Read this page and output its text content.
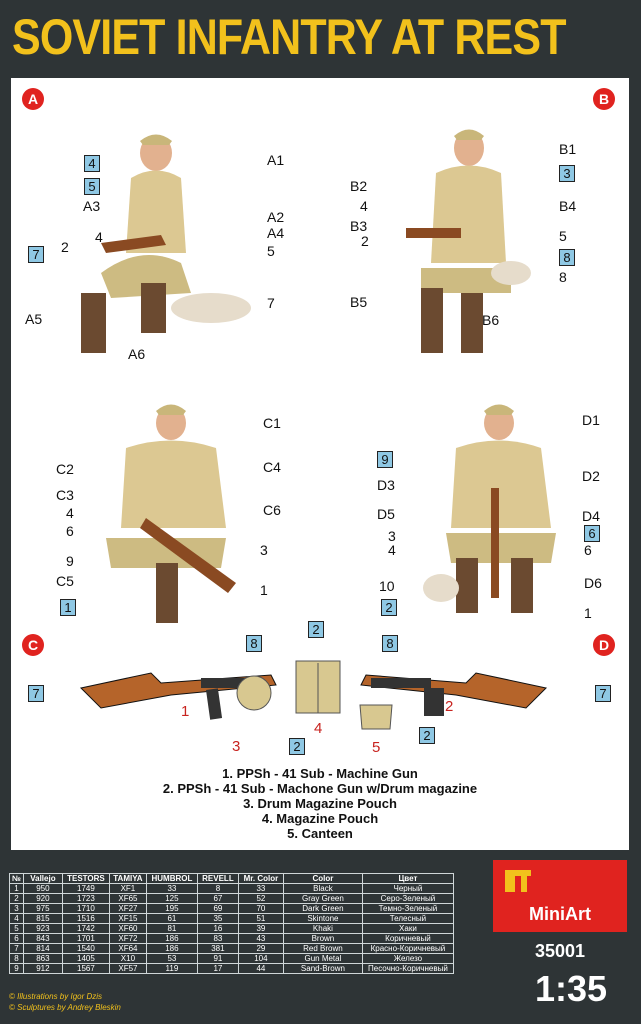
SOVIET INFANTRY AT REST
A
4
5
7
A1
A3
A2
A4
A5
A6
2
4
5
7
B
B1
3
B2
B4
B3
B5
B6
4
2	5
8
8
C
C1
C2	C4
C3
C6
4
6
9
C5
3
1
1
D
D1
9
D3
D2
D5	D4
3
4
6
6
10	D6
2	1
8
2
8
7
2
7
2
1	2
3
4
5
1. PPSh - 41 Sub - Machine Gun
2. PPSh - 41 Sub - Machone Gun w/Drum magazine
3. Drum Magazine Pouch
4. Magazine Pouch
5. Canteen
№	Vallejo	TESTORS	TAMIYA	HUMBROL	REVELL	Mr. Color	Color	Цвет
1	950	1749	XF1	33	8	33	Black	Черный
2	920	1723	XF65	125	67	52	Gray Green	Серо-Зеленый
3	975	1710	XF27	195	69	70	Dark Green	Темно-Зеленый
4	815	1516	XF15	61	35	51	Skintone	Телесный
5	923	1742	XF60	81	16	39	Khaki	Хаки
6	843	1701	XF72	186	83	43	Brown	Коричневый
7	814	1540	XF64	186	381	29	Red Brown	Красно-Коричневый
8	863	1405	X10	53	91	104	Gun Metal	Железо
9	912	1567	XF57	119	17	44	Sand-Brown	Песочно-Коричневый
MiniArt
35001
1:35
© Illustrations by Igor Dzis
© Sculptures by Andrey Bleskin
